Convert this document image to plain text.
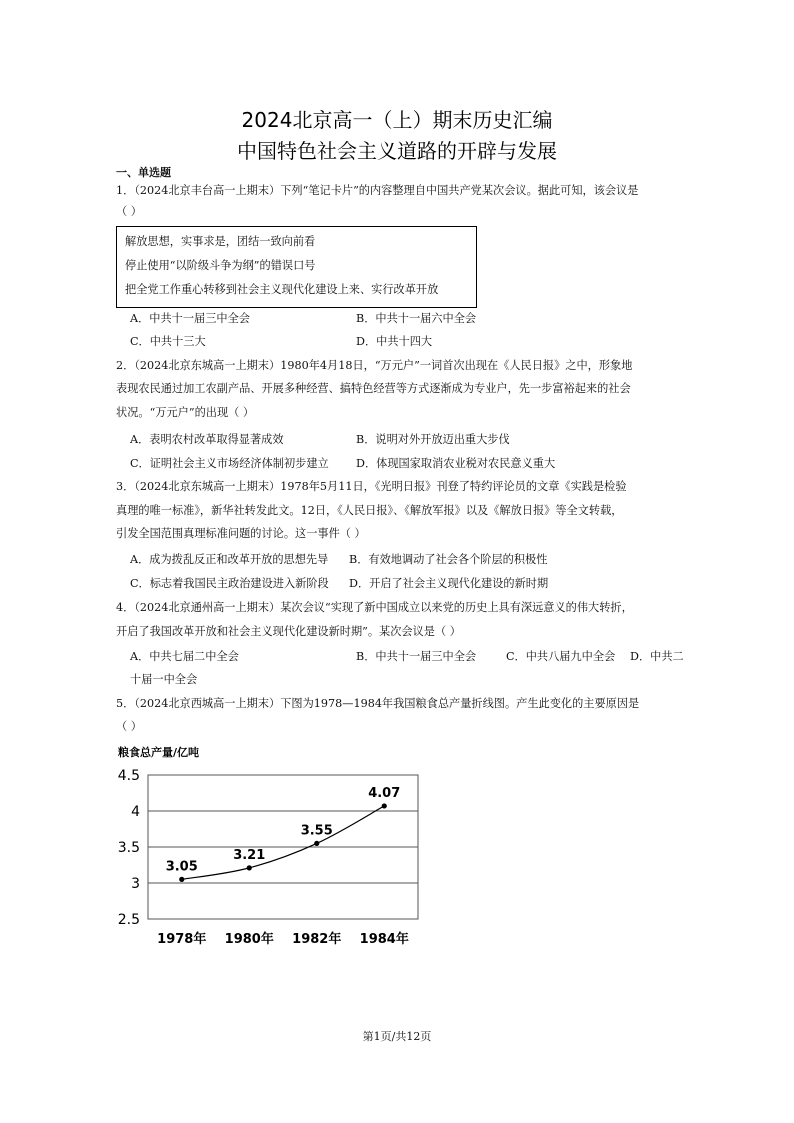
2024北京高一（上）期末历史汇编
中国特色社会主义道路的开辟与发展
一、单选题
1．（2024北京丰台高一上期末）下列“笔记卡片”的内容整理自中国共产党某次会议。据此可知，该会议是
（ ）
解放思想，实事求是，团结一致向前看
停止使用“以阶级斗争为纲”的错误口号
把全党工作重心转移到社会主义现代化建设上来、实行改革开放
A．中共十一届三中全会	B．中共十一届六中全会
C．中共十三大	D．中共十四大
2．（2024北京东城高一上期末）1980年4月18日，“万元户”一词首次出现在《人民日报》之中，形象地
表现农民通过加工农副产品、开展多种经营、搞特色经营等方式逐渐成为专业户，先一步富裕起来的社会
状况。“万元户”的出现（ ）
A．表明农村改革取得显著成效	B．说明对外开放迈出重大步伐
C．证明社会主义市场经济体制初步建立 D．体现国家取消农业税对农民意义重大
3．（2024北京东城高一上期末）1978年5月11日，《光明日报》刊登了特约评论员的文章《实践是检验
真理的唯一标准》，新华社转发此文。12日，《人民日报》、《解放军报》以及《解放日报》等全文转载，
引发全国范围真理标准问题的讨论。这一事件（ ）
A．成为拨乱反正和改革开放的思想先导 B．有效地调动了社会各个阶层的积极性
C．标志着我国民主政治建设进入新阶段 D．开启了社会主义现代化建设的新时期
4．（2024北京通州高一上期末）某次会议“实现了新中国成立以来党的历史上具有深远意义的伟大转折，
开启了我国改革开放和社会主义现代化建设新时期”。某次会议是（ ）
A．中共七届二中全会	B．中共十一届三中全会	C．中共八届九中全会 D．中共二
十届一中全会
5．（2024北京西城高一上期末）下图为1978—1984年我国粮食总产量折线图。产生此变化的主要原因是
（ ）
粮食总产量/亿吨
4.5
4
3.5
3
2.5
1978年 1980年 1982年 1984年
3.05
3.21
3.55
4.07
第1页/共12页
